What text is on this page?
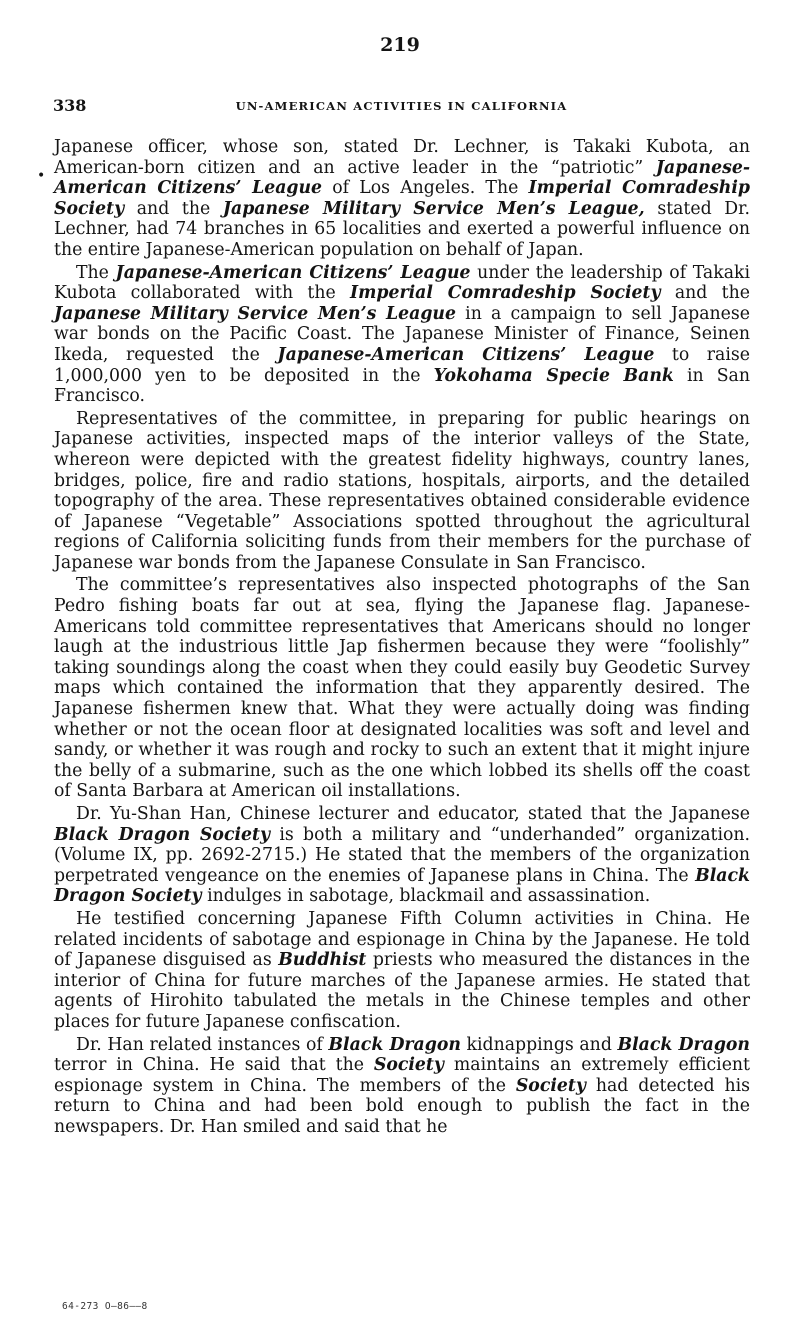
219
338	UN-AMERICAN ACTIVITIES IN CALIFORNIA
•

Japanese officer, whose son, stated Dr. Lechner, is Takaki Kubota, an American-born citizen and an active leader in the “patriotic” Japanese-American Citizens’ League of Los Angeles. The Imperial Comradeship Society and the Japanese Military Service Men’s League, stated Dr. Lechner, had 74 branches in 65 localities and exerted a powerful influence on the entire Japanese-American population on behalf of Japan.

The Japanese-American Citizens’ League under the leadership of Takaki Kubota collaborated with the Imperial Comradeship Society and the Japanese Military Service Men’s League in a campaign to sell Japanese war bonds on the Pacific Coast. The Japanese Minister of Finance, Seinen Ikeda, requested the Japanese-American Citizens’ League to raise 1,000,000 yen to be deposited in the Yokohama Specie Bank in San Francisco.

Representatives of the committee, in preparing for public hearings on Japanese activities, inspected maps of the interior valleys of the State, whereon were depicted with the greatest fidelity highways, country lanes, bridges, police, fire and radio stations, hospitals, airports, and the detailed topography of the area. These representatives obtained considerable evidence of Japanese “Vegetable” Associations spotted throughout the agricultural regions of California soliciting funds from their members for the purchase of Japanese war bonds from the Japanese Consulate in San Francisco.

The committee’s representatives also inspected photographs of the San Pedro fishing boats far out at sea, flying the Japanese flag. Japanese-Americans told committee representatives that Americans should no longer laugh at the industrious little Jap fishermen because they were “foolishly” taking soundings along the coast when they could easily buy Geodetic Survey maps which contained the information that they apparently desired. The Japanese fishermen knew that. What they were actually doing was finding whether or not the ocean floor at designated localities was soft and level and sandy, or whether it was rough and rocky to such an extent that it might injure the belly of a submarine, such as the one which lobbed its shells off the coast of Santa Barbara at American oil installations.

Dr. Yu-Shan Han, Chinese lecturer and educator, stated that the Japanese Black Dragon Society is both a military and “underhanded” organization. (Volume IX, pp. 2692-2715.) He stated that the members of the organization perpetrated vengeance on the enemies of Japanese plans in China. The Black Dragon Society indulges in sabotage, blackmail and assassination.

He testified concerning Japanese Fifth Column activities in China. He related incidents of sabotage and espionage in China by the Japanese. He told of Japanese disguised as Buddhist priests who measured the distances in the interior of China for future marches of the Japanese armies. He stated that agents of Hirohito tabulated the metals in the Chinese temples and other places for future Japanese confiscation.

Dr. Han related instances of Black Dragon kidnappings and Black Dragon terror in China. He said that the Society maintains an extremely efficient espionage system in China. The members of the Society had detected his return to China and had been bold enough to publish the fact in the newspapers. Dr. Han smiled and said that he

64-273 O—86——8
